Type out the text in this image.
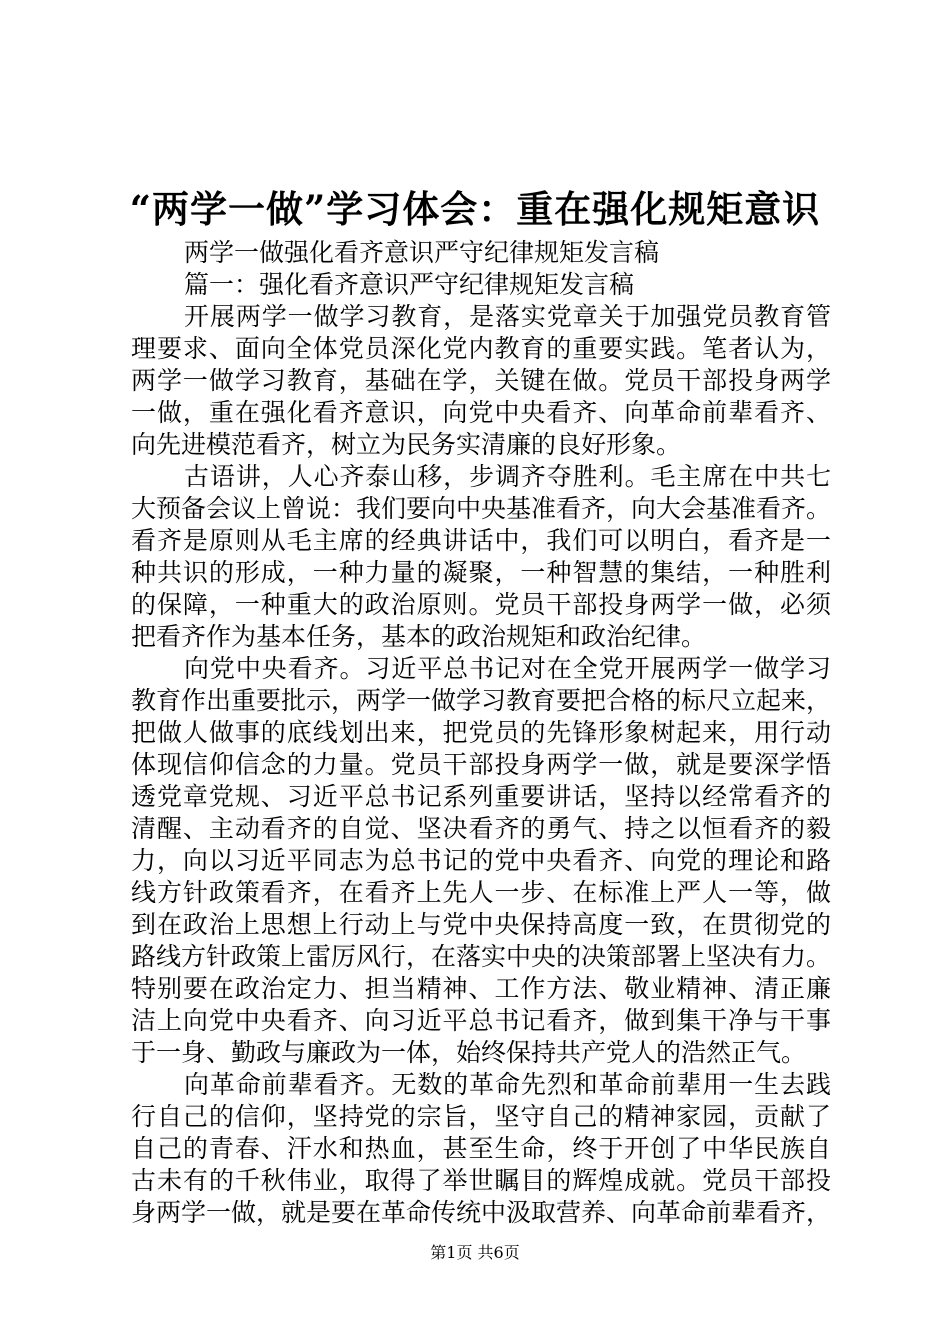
“两学一做”学习体会：重在强化规矩意识
两学一做强化看齐意识严守纪律规矩发言稿
篇一：强化看齐意识严守纪律规矩发言稿
开展两学一做学习教育，是落实党章关于加强党员教育管
理要求、面向全体党员深化党内教育的重要实践。笔者认为，
两学一做学习教育，基础在学，关键在做。党员干部投身两学
一做，重在强化看齐意识，向党中央看齐、向革命前辈看齐、
向先进模范看齐，树立为民务实清廉的良好形象。
古语讲，人心齐泰山移，步调齐夺胜利。毛主席在中共七
大预备会议上曾说：我们要向中央基准看齐，向大会基准看齐。
看齐是原则从毛主席的经典讲话中，我们可以明白，看齐是一
种共识的形成，一种力量的凝聚，一种智慧的集结，一种胜利
的保障，一种重大的政治原则。党员干部投身两学一做，必须
把看齐作为基本任务，基本的政治规矩和政治纪律。
向党中央看齐。习近平总书记对在全党开展两学一做学习
教育作出重要批示，两学一做学习教育要把合格的标尺立起来，
把做人做事的底线划出来，把党员的先锋形象树起来，用行动
体现信仰信念的力量。党员干部投身两学一做，就是要深学悟
透党章党规、习近平总书记系列重要讲话，坚持以经常看齐的
清醒、主动看齐的自觉、坚决看齐的勇气、持之以恒看齐的毅
力，向以习近平同志为总书记的党中央看齐、向党的理论和路
线方针政策看齐，在看齐上先人一步、在标准上严人一等，做
到在政治上思想上行动上与党中央保持高度一致，在贯彻党的
路线方针政策上雷厉风行，在落实中央的决策部署上坚决有力。
特别要在政治定力、担当精神、工作方法、敬业精神、清正廉
洁上向党中央看齐、向习近平总书记看齐，做到集干净与干事
于一身、勤政与廉政为一体，始终保持共产党人的浩然正气。
向革命前辈看齐。无数的革命先烈和革命前辈用一生去践
行自己的信仰，坚持党的宗旨，坚守自己的精神家园，贡献了
自己的青春、汗水和热血，甚至生命，终于开创了中华民族自
古未有的千秋伟业，取得了举世瞩目的辉煌成就。党员干部投
身两学一做，就是要在革命传统中汲取营养、向革命前辈看齐，
第1页 共6页
